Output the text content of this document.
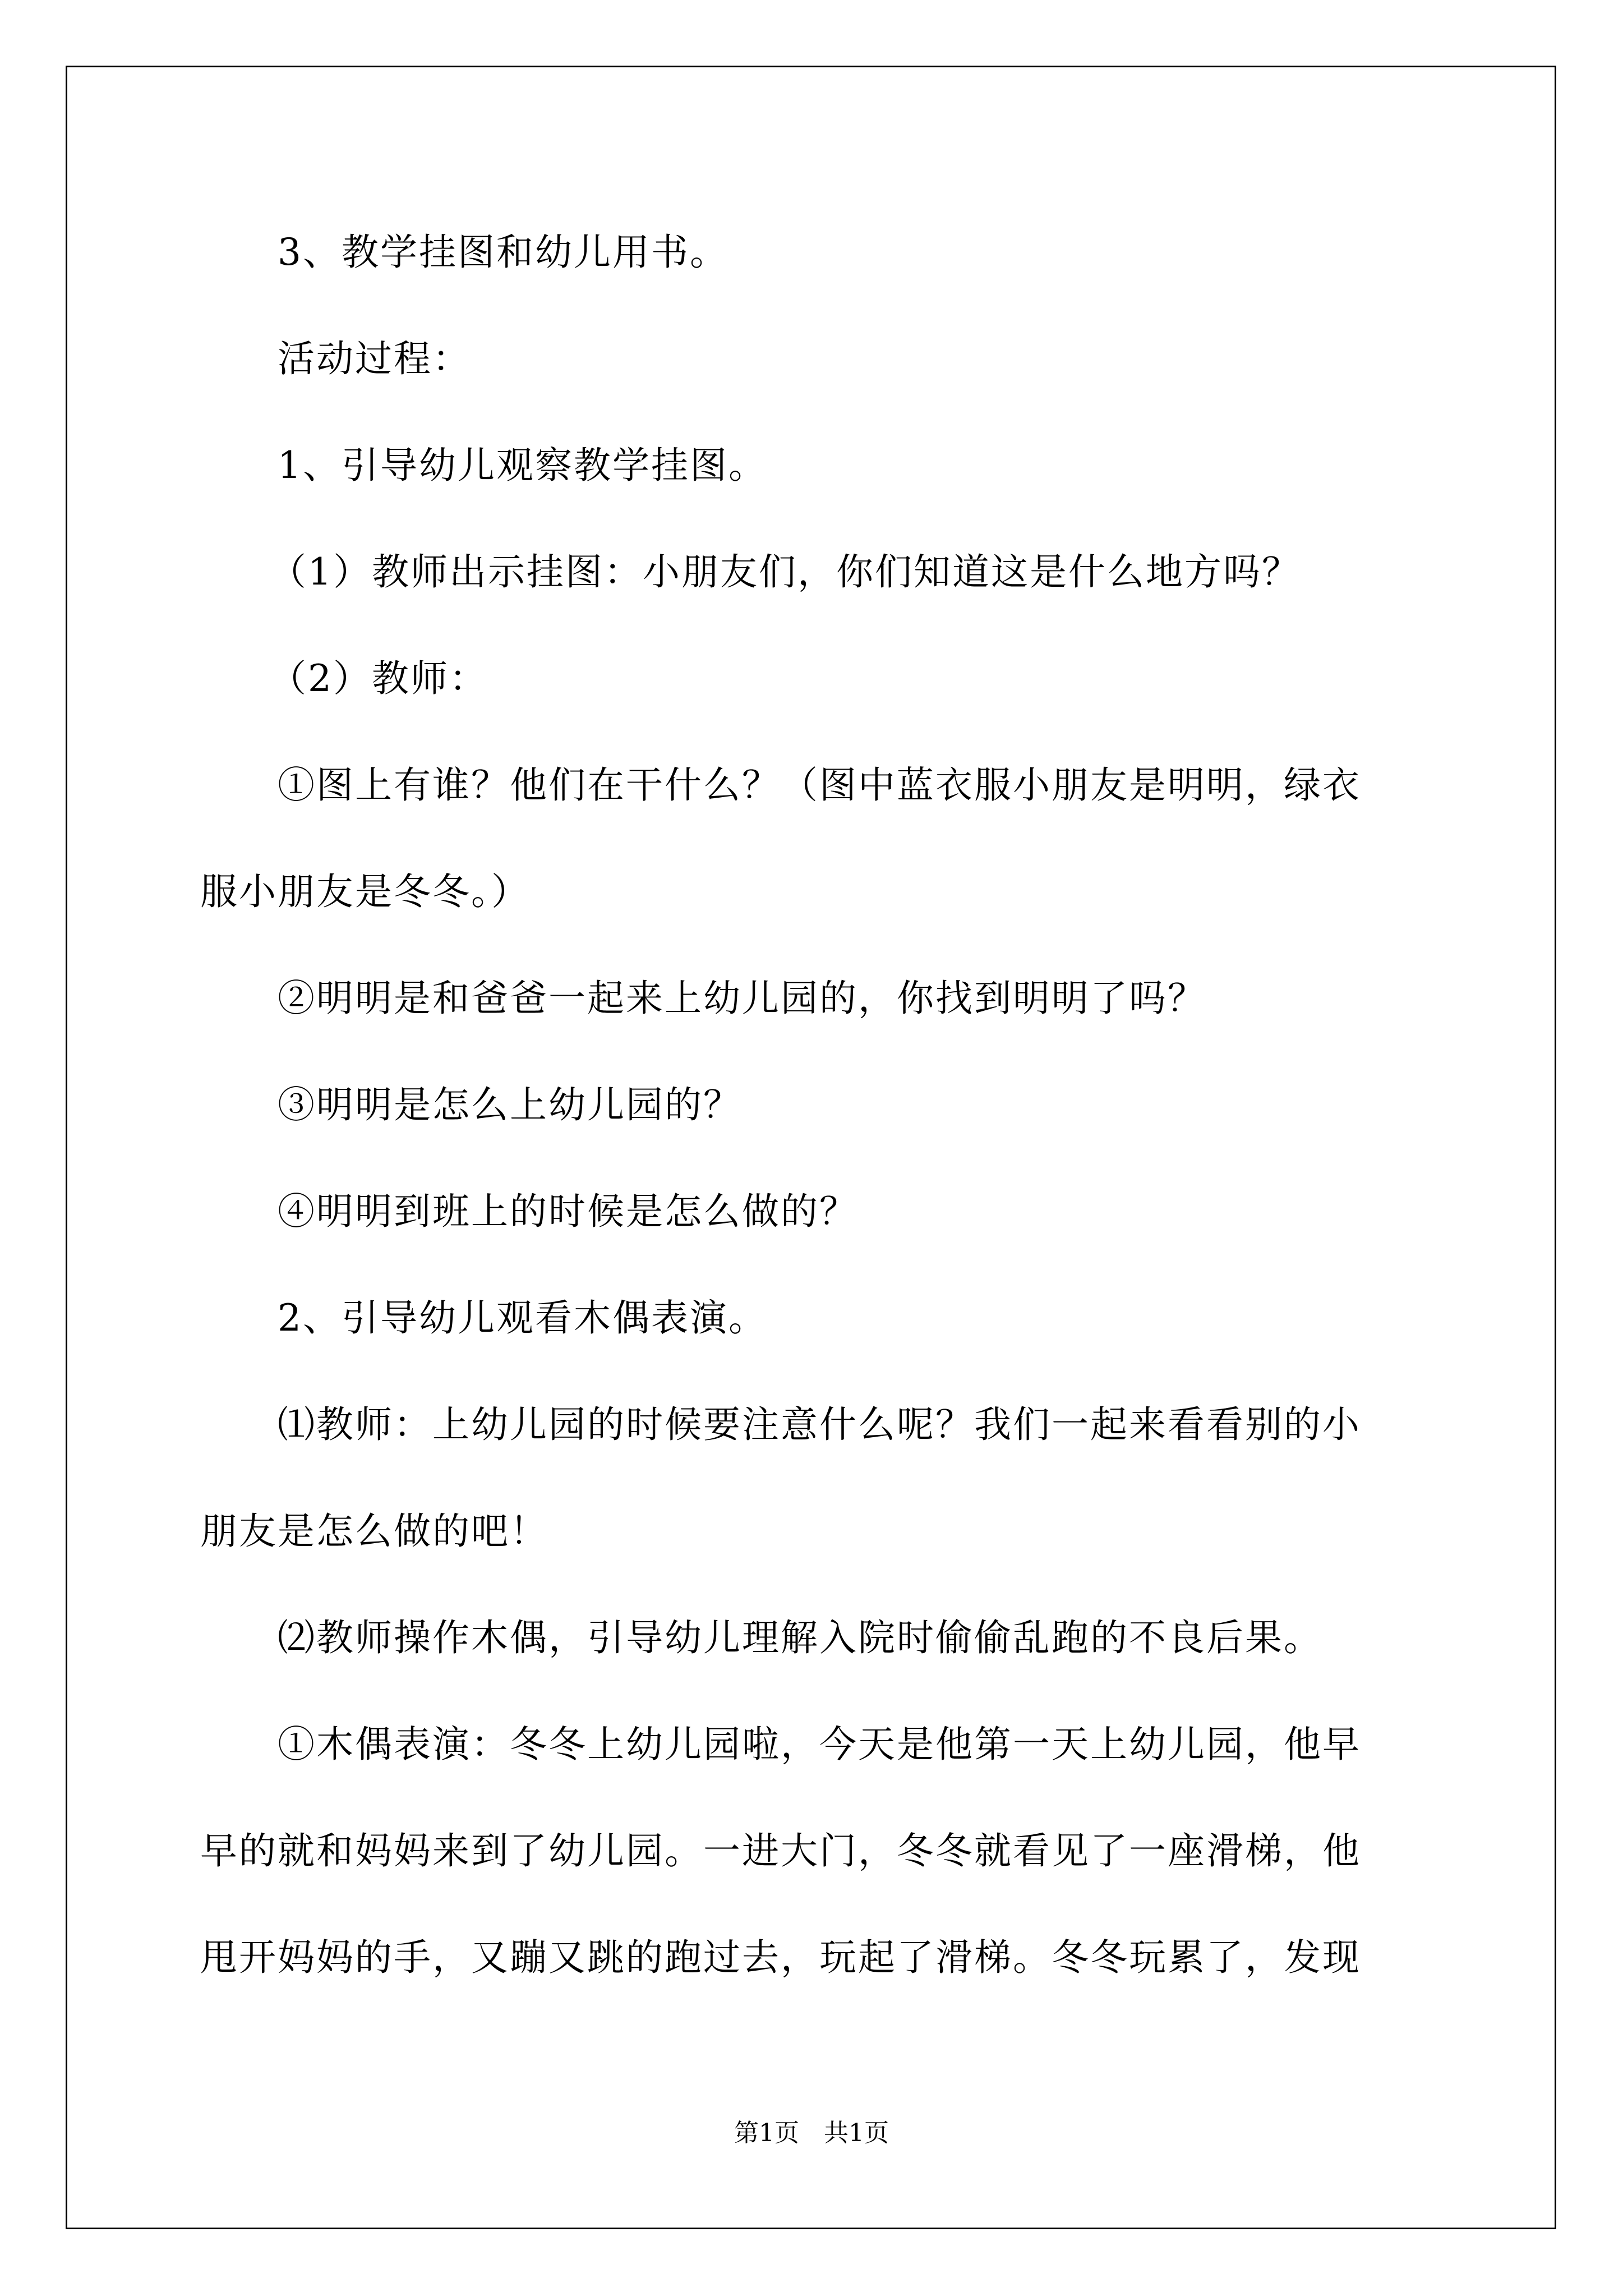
3、教学挂图和幼儿用书。

活动过程：

1、引导幼儿观察教学挂图。

（1）教师出示挂图：小朋友们，你们知道这是什么地方吗？

（2）教师：

①图上有谁？他们在干什么？（图中蓝衣服小朋友是明明，绿衣

服小朋友是冬冬。）

②明明是和爸爸一起来上幼儿园的，你找到明明了吗？

③明明是怎么上幼儿园的？

④明明到班上的时候是怎么做的？

2、引导幼儿观看木偶表演。

⑴教师：上幼儿园的时候要注意什么呢？我们一起来看看别的小

朋友是怎么做的吧！

⑵教师操作木偶，引导幼儿理解入院时偷偷乱跑的不良后果。

①木偶表演：冬冬上幼儿园啦，今天是他第一天上幼儿园，他早

早的就和妈妈来到了幼儿园。一进大门，冬冬就看见了一座滑梯，他

甩开妈妈的手，又蹦又跳的跑过去，玩起了滑梯。冬冬玩累了，发现

第1页　共1页
